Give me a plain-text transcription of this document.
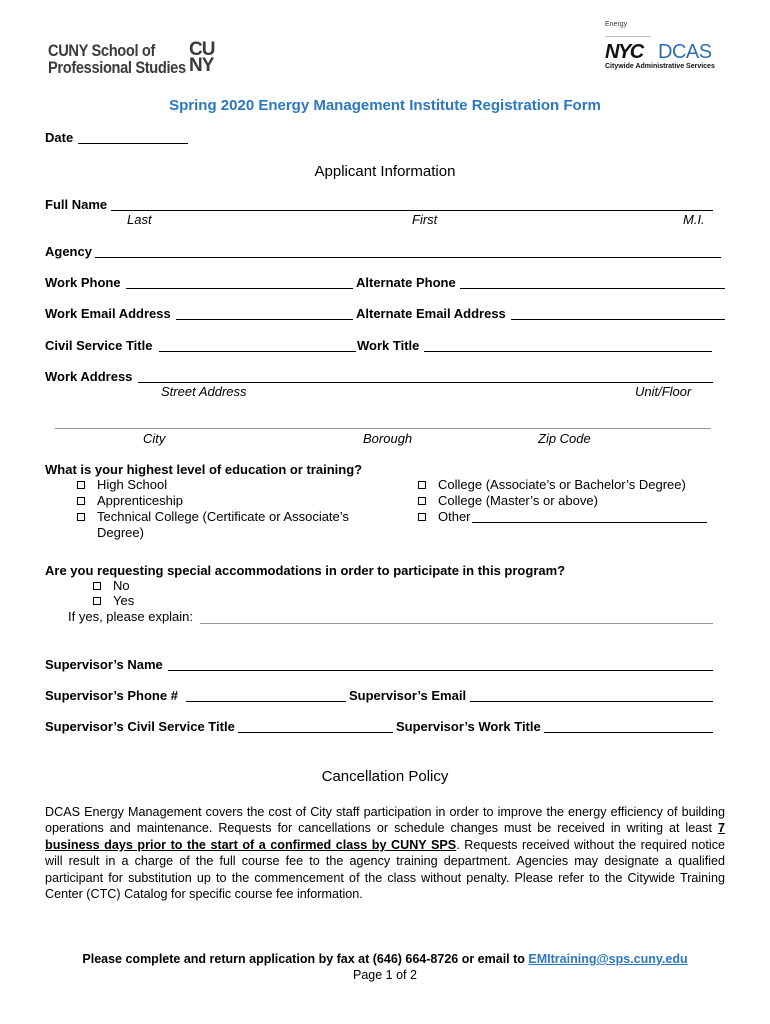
CUNY School of
Professional Studies
CU
NY
Energy
NYC DCAS
Citywide Administrative Services
Spring 2020 Energy Management Institute Registration Form
Date
Applicant Information
Full Name
Last	First	M.I.
Agency
Work Phone	Alternate Phone
Work Email Address	Alternate Email Address
Civil Service Title	Work Title
Work Address
Street Address	Unit/Floor
City	Borough	Zip Code
What is your highest level of education or training?
High School
Apprenticeship
Technical College (Certificate or Associate’s
Degree)
College (Associate’s or Bachelor’s Degree)
College (Master’s or above)
Other
Are you requesting special accommodations in order to participate in this program?
No
Yes
If yes, please explain:
Supervisor’s Name
Supervisor’s Phone #	Supervisor’s Email
Supervisor’s Civil Service Title	Supervisor’s Work Title
Cancellation Policy
DCAS Energy Management covers the cost of City staff participation in order to improve the energy efficiency of building operations and maintenance. Requests for cancellations or schedule changes must be received in writing at least 7 business days prior to the start of a confirmed class by CUNY SPS. Requests received without the required notice will result in a charge of the full course fee to the agency training department. Agencies may designate a qualified participant for substitution up to the commencement of the class without penalty. Please refer to the Citywide Training Center (CTC) Catalog for specific course fee information.
Please complete and return application by fax at (646) 664-8726 or email to EMItraining@sps.cuny.edu
Page 1 of 2
